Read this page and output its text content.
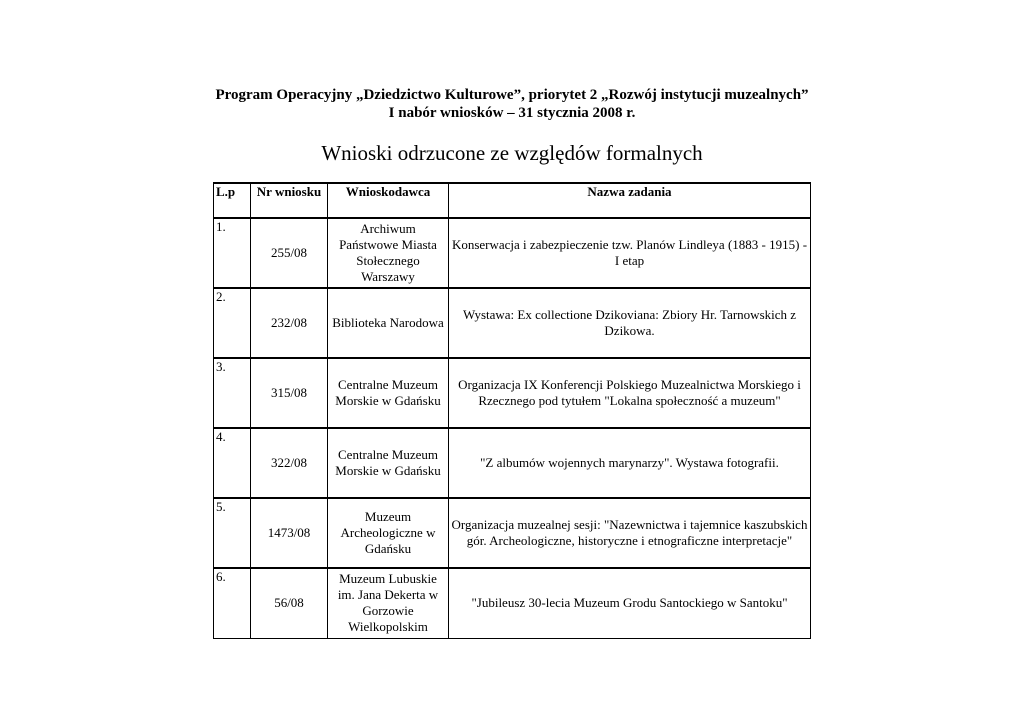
Program Operacyjny „Dziedzictwo Kulturowe”, priorytet 2 „Rozwój instytucji muzealnych”
I nabór wniosków – 31 stycznia 2008 r.
Wnioski odrzucone ze względów formalnych
L.p	Nr wniosku	Wnioskodawca	Nazwa zadania
1.	255/08	Archiwum Państwowe Miasta Stołecznego Warszawy	Konserwacja i zabezpieczenie tzw. Planów Lindleya (1883 - 1915) - I etap
2.	232/08	Biblioteka Narodowa	Wystawa: Ex collectione Dzikoviana: Zbiory Hr. Tarnowskich z Dzikowa.
3.	315/08	Centralne Muzeum Morskie w Gdańsku	Organizacja IX Konferencji Polskiego Muzealnictwa Morskiego i Rzecznego pod tytułem "Lokalna społeczność a muzeum"
4.	322/08	Centralne Muzeum Morskie w Gdańsku	"Z albumów wojennych marynarzy". Wystawa fotografii.
5.	1473/08	Muzeum Archeologiczne w Gdańsku	Organizacja muzealnej sesji: "Nazewnictwa i tajemnice kaszubskich gór. Archeologiczne, historyczne i etnograficzne interpretacje"
6.	56/08	Muzeum Lubuskie im. Jana Dekerta w Gorzowie Wielkopolskim	"Jubileusz 30-lecia Muzeum Grodu Santockiego w Santoku"
